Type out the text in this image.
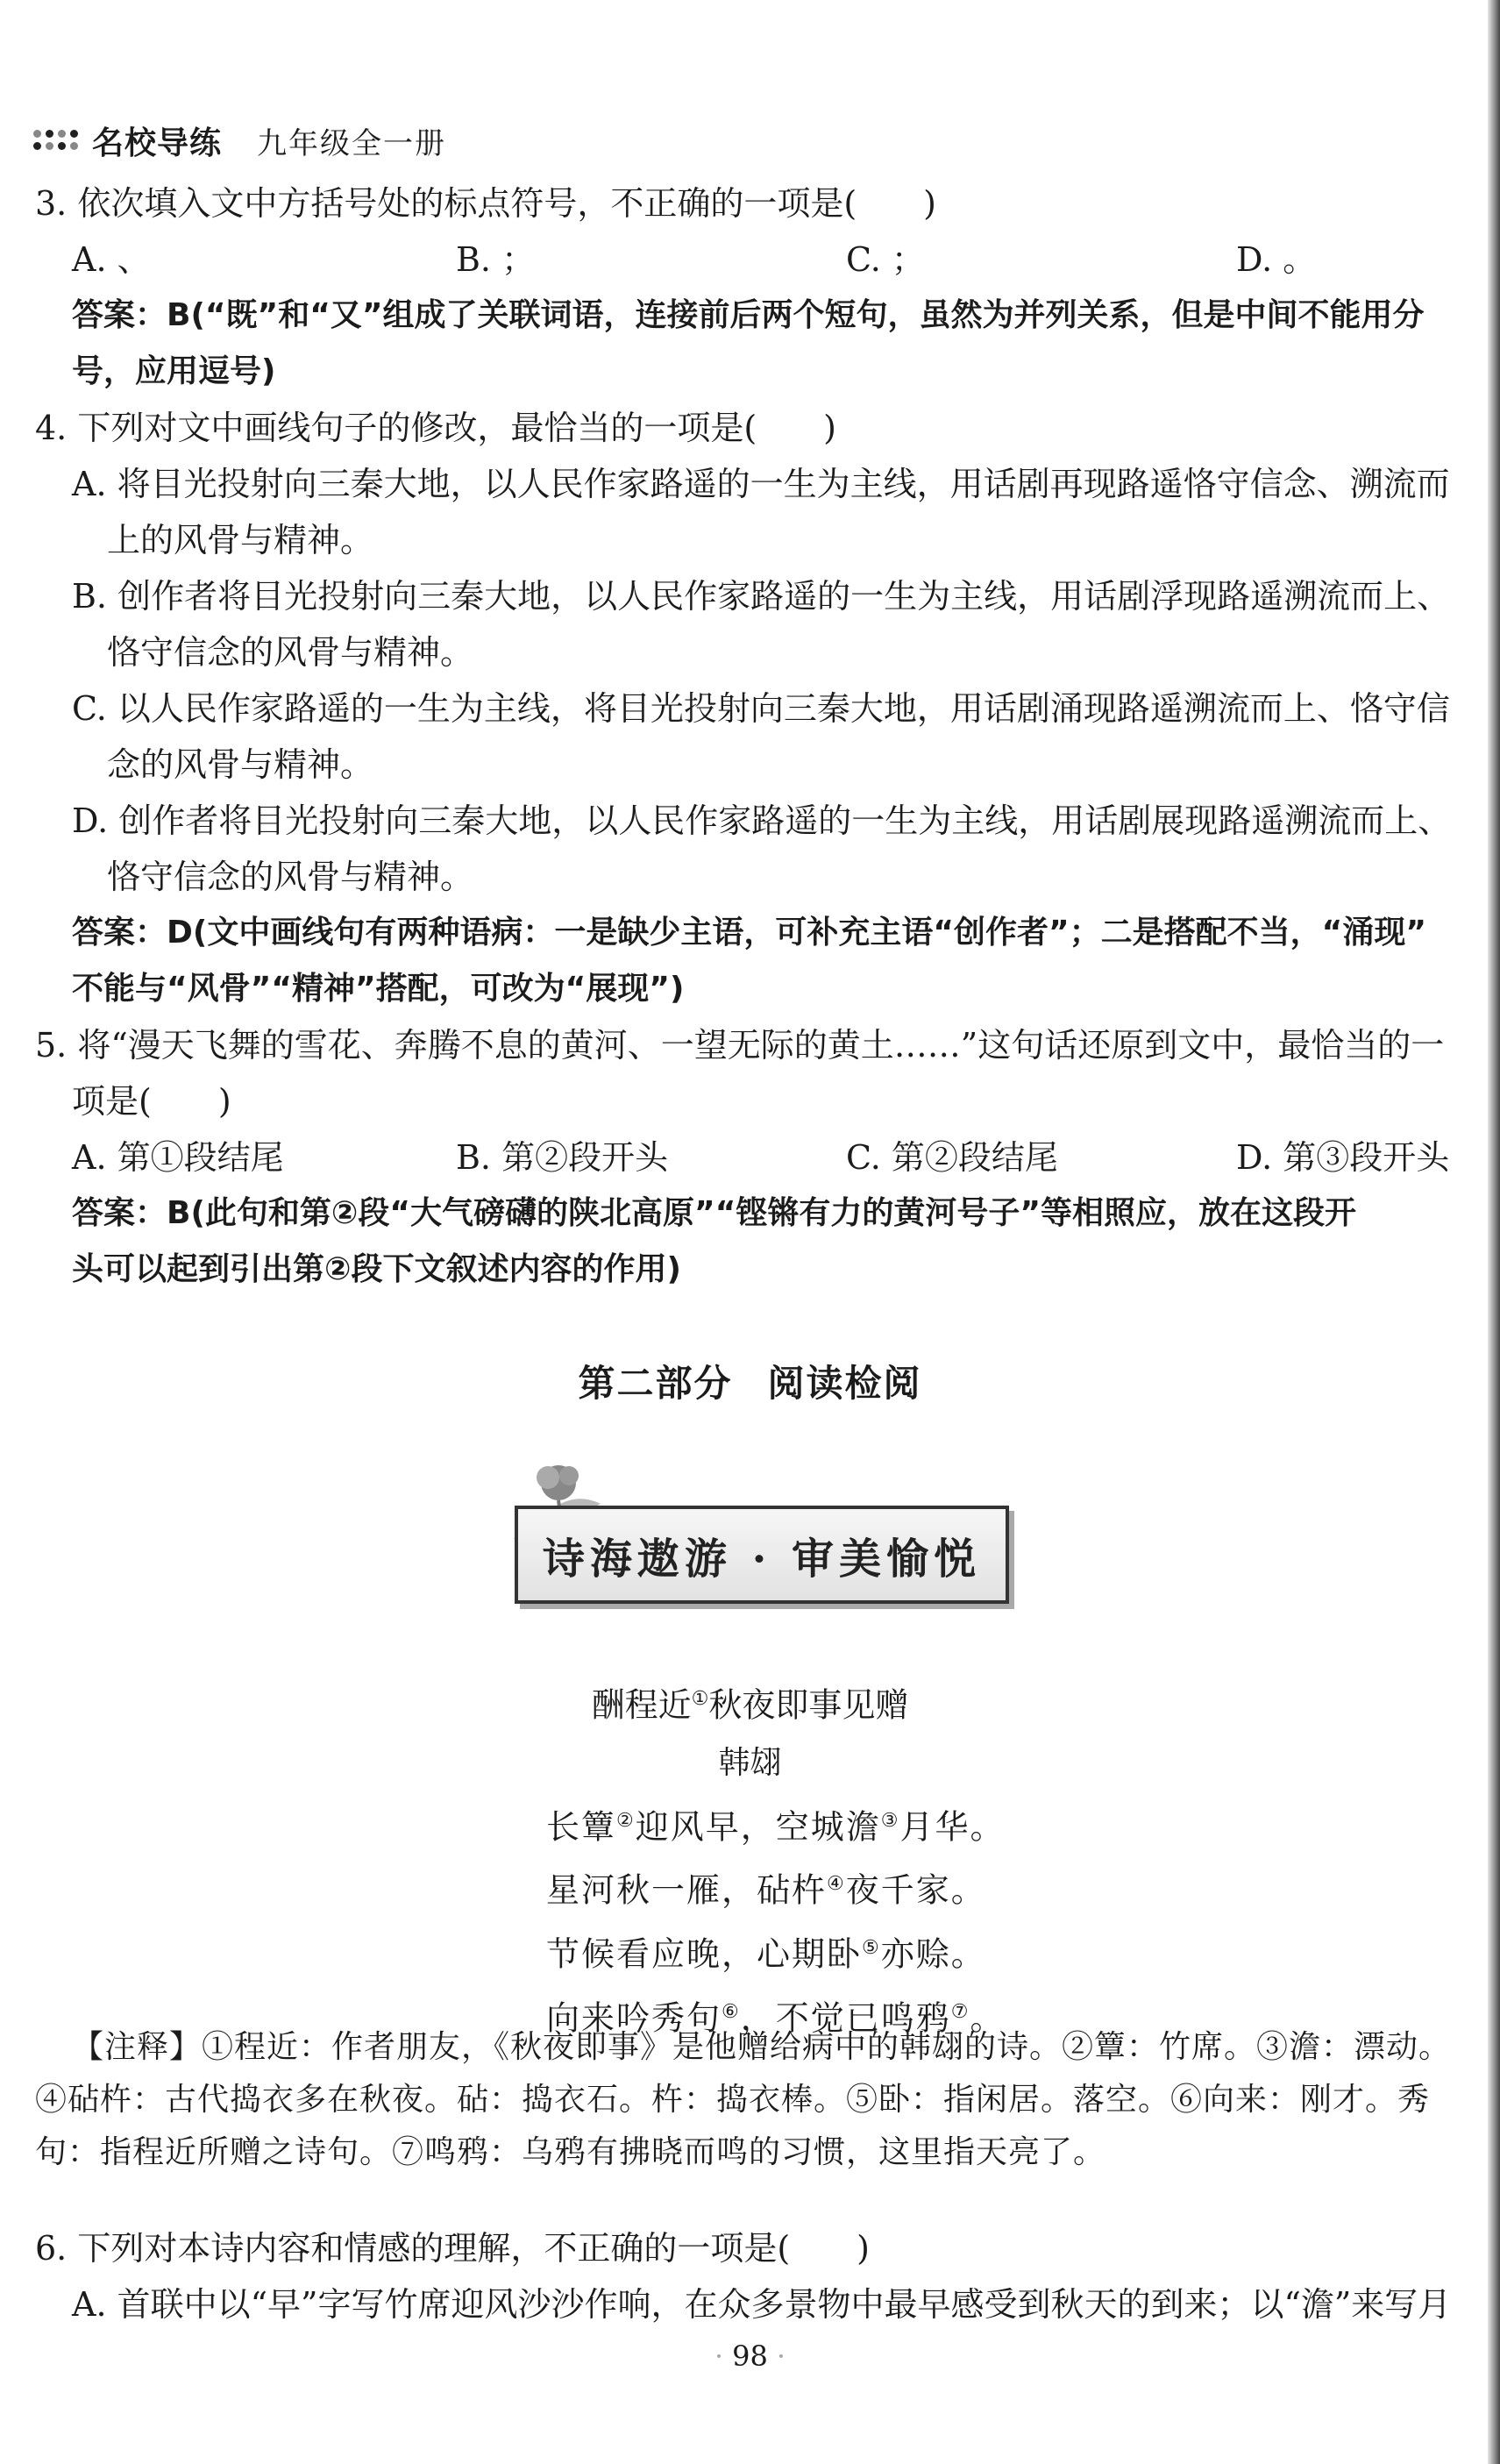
名校导练 九年级全一册
3. 依次填入文中方括号处的标点符号，不正确的一项是(　　)
A. 、	B. ；	C. ；	D. 。
答案：B(“既”和“又”组成了关联词语，连接前后两个短句，虽然为并列关系，但是中间不能用分
号，应用逗号)
4. 下列对文中画线句子的修改，最恰当的一项是(　　)
A. 将目光投射向三秦大地，以人民作家路遥的一生为主线，用话剧再现路遥恪守信念、溯流而
上的风骨与精神。
B. 创作者将目光投射向三秦大地，以人民作家路遥的一生为主线，用话剧浮现路遥溯流而上、
恪守信念的风骨与精神。
C. 以人民作家路遥的一生为主线，将目光投射向三秦大地，用话剧涌现路遥溯流而上、恪守信
念的风骨与精神。
D. 创作者将目光投射向三秦大地，以人民作家路遥的一生为主线，用话剧展现路遥溯流而上、
恪守信念的风骨与精神。
答案：D(文中画线句有两种语病：一是缺少主语，可补充主语“创作者”；二是搭配不当，“涌现”
不能与“风骨”“精神”搭配，可改为“展现”)
5. 将“漫天飞舞的雪花、奔腾不息的黄河、一望无际的黄土……”这句话还原到文中，最恰当的一
项是(　　)
A. 第①段结尾	B. 第②段开头	C. 第②段结尾	D. 第③段开头
答案：B(此句和第②段“大气磅礴的陕北高原”“铿锵有力的黄河号子”等相照应，放在这段开
头可以起到引出第②段下文叙述内容的作用)
第二部分 阅读检阅
诗海遨游 · 审美愉悦
酬程近①秋夜即事见赠
韩翃
长簟②迎风早，空城澹③月华。
星河秋一雁，砧杵④夜千家。
节候看应晚，心期卧⑤亦赊。
向来吟秀句⑥，不觉已鸣鸦⑦。
【注释】①程近：作者朋友，《秋夜即事》是他赠给病中的韩翃的诗。②簟：竹席。③澹：漂动。
④砧杵：古代捣衣多在秋夜。砧：捣衣石。杵：捣衣棒。⑤卧：指闲居。落空。⑥向来：刚才。秀
句：指程近所赠之诗句。⑦鸣鸦：乌鸦有拂晓而鸣的习惯，这里指天亮了。
6. 下列对本诗内容和情感的理解，不正确的一项是(　　)
A. 首联中以“早”字写竹席迎风沙沙作响，在众多景物中最早感受到秋天的到来；以“澹”来写月
· 98 ·
